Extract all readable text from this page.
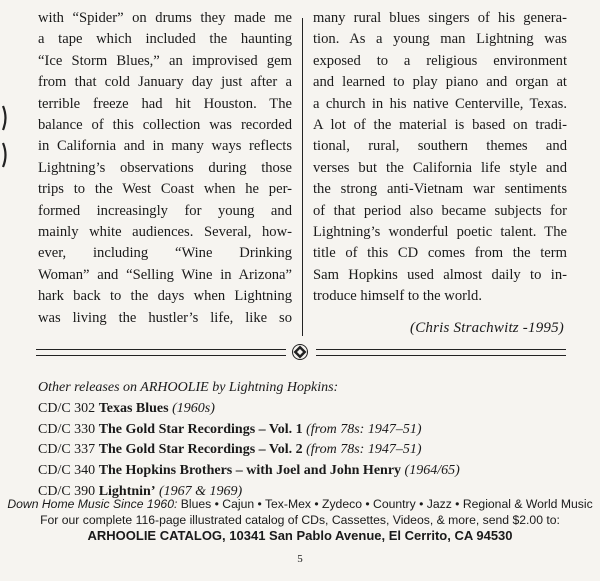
with “Spider” on drums they made me
a tape which included the haunting
“Ice Storm Blues,” an improvised gem
from that cold January day just after a
terrible freeze had hit Houston. The
balance of this collection was recorded
in California and in many ways reflects
Lightning’s observations during those
trips to the West Coast when he per-
formed increasingly for young and
mainly white audiences. Several, how-
ever, including “Wine Drinking
Woman” and “Selling Wine in Arizona”
hark back to the days when Lightning
was living the hustler’s life, like so
many rural blues singers of his genera-
tion. As a young man Lightning was
exposed to a religious environment
and learned to play piano and organ at
a church in his native Centerville, Texas.
A lot of the material is based on tradi-
tional, rural, southern themes and
verses but the California life style and
the strong anti-Vietnam war sentiments
of that period also became subjects for
Lightning’s wonderful poetic talent. The
title of this CD comes from the term
Sam Hopkins used almost daily to in-
troduce himself to the world.
(Chris Strachwitz -1995)
Other releases on ARHOOLIE by Lightning Hopkins:
CD/C 302 Texas Blues (1960s)
CD/C 330 The Gold Star Recordings – Vol. 1 (from 78s: 1947–51)
CD/C 337 The Gold Star Recordings – Vol. 2 (from 78s: 1947–51)
CD/C 340 The Hopkins Brothers – with Joel and John Henry (1964/65)
CD/C 390 Lightnin’ (1967 & 1969)
Down Home Music Since 1960: Blues • Cajun • Tex-Mex • Zydeco • Country • Jazz • Regional & World Music
For our complete 116-page illustrated catalog of CDs, Cassettes, Videos, & more, send $2.00 to:
ARHOOLIE CATALOG, 10341 San Pablo Avenue, El Cerrito, CA 94530
5
